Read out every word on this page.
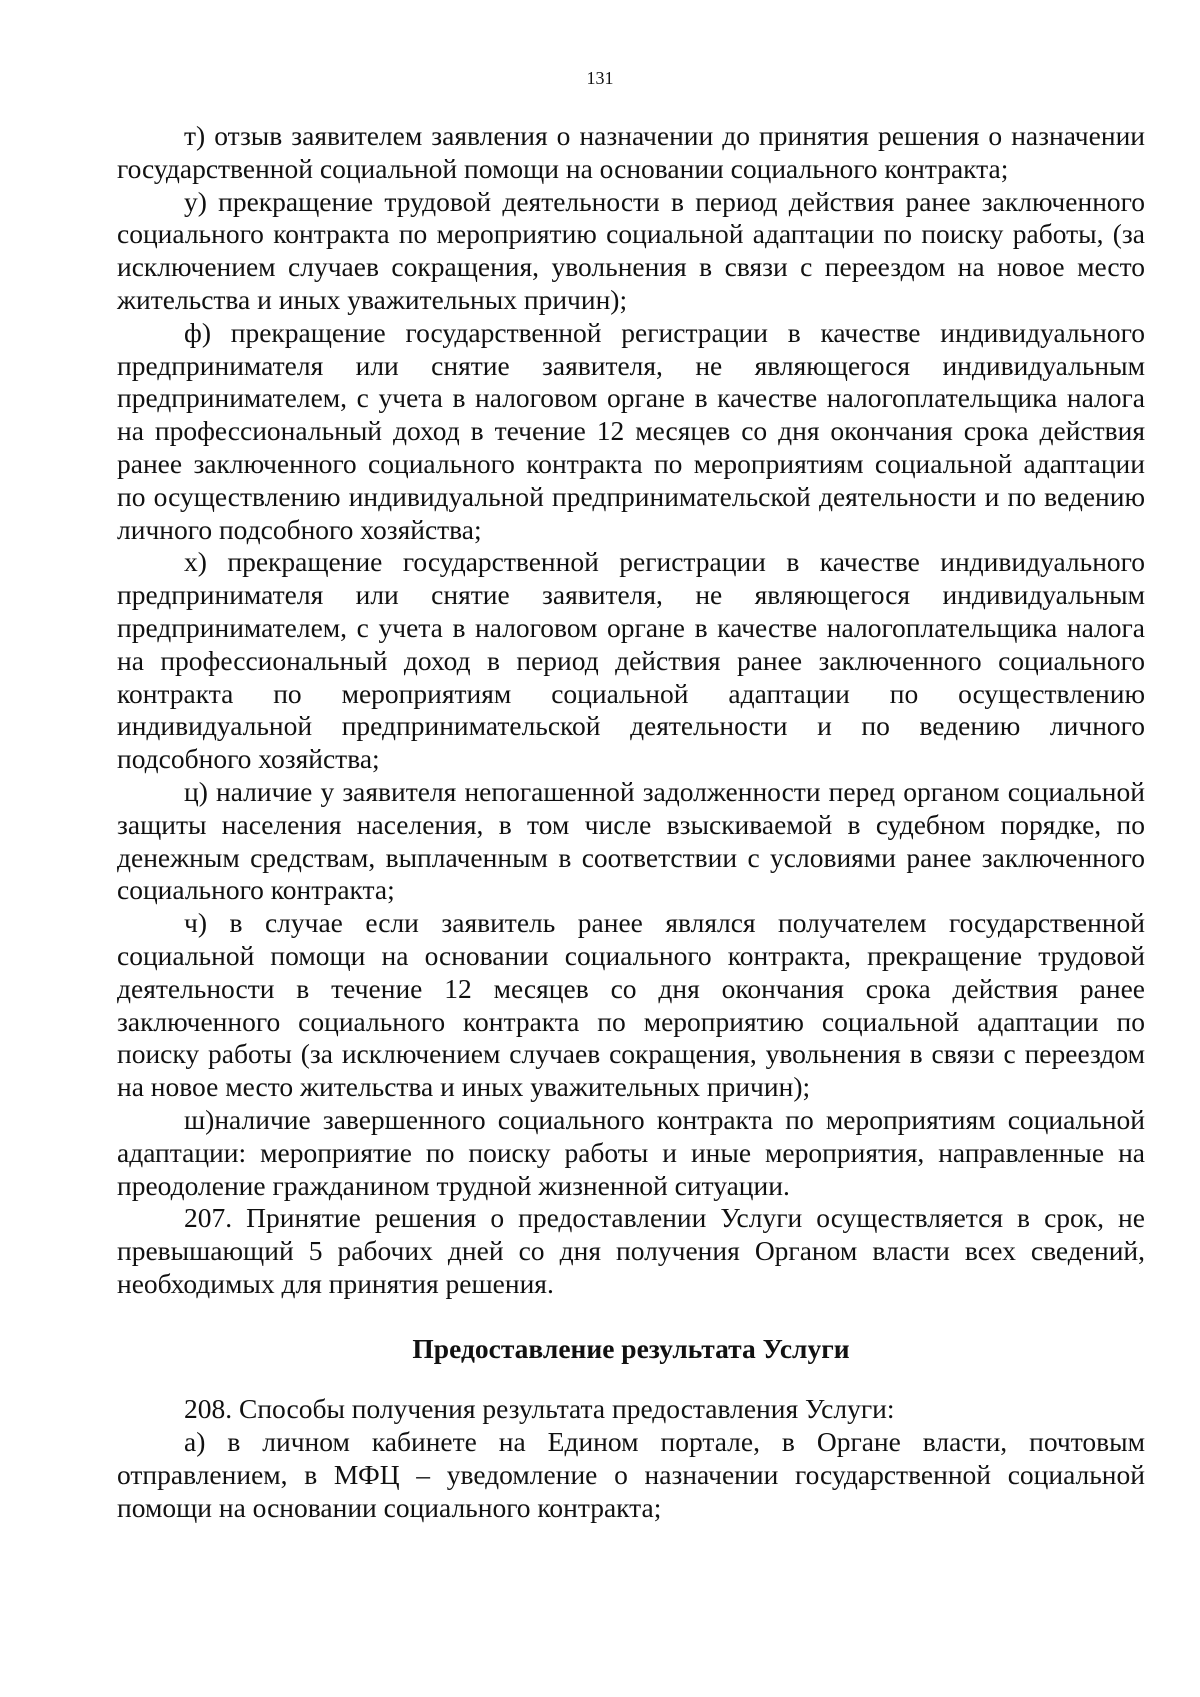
131

т) отзыв заявителем заявления о назначении до принятия решения о назначении государственной социальной помощи на основании социального контракта;

у) прекращение трудовой деятельности в период действия ранее заключенного социального контракта по мероприятию социальной адаптации по поиску работы, (за исключением случаев сокращения, увольнения в связи с переездом на новое место жительства и иных уважительных причин);

ф) прекращение государственной регистрации в качестве индивидуального предпринимателя или снятие заявителя, не являющегося индивидуальным предпринимателем, с учета в налоговом органе в качестве налогоплательщика налога на профессиональный доход в течение 12 месяцев со дня окончания срока действия ранее заключенного социального контракта по мероприятиям социальной адаптации по осуществлению индивидуальной предпринимательской деятельности и по ведению личного подсобного хозяйства;

х) прекращение государственной регистрации в качестве индивидуального предпринимателя или снятие заявителя, не являющегося индивидуальным предпринимателем, с учета в налоговом органе в качестве налогоплательщика налога на профессиональный доход в период действия ранее заключенного социального контракта по мероприятиям социальной адаптации по осуществлению индивидуальной предпринимательской деятельности и по ведению личного подсобного хозяйства;

ц) наличие у заявителя непогашенной задолженности перед органом социальной защиты населения населения, в том числе взыскиваемой в судебном порядке, по денежным средствам, выплаченным в соответствии с условиями ранее заключенного социального контракта;

ч) в случае если заявитель ранее являлся получателем государственной социальной помощи на основании социального контракта, прекращение трудовой деятельности в течение 12 месяцев со дня окончания срока действия ранее заключенного социального контракта по мероприятию социальной адаптации по поиску работы (за исключением случаев сокращения, увольнения в связи с переездом на новое место жительства и иных уважительных причин);

ш)наличие завершенного социального контракта по мероприятиям социальной адаптации: мероприятие по поиску работы и иные мероприятия, направленные на преодоление гражданином трудной жизненной ситуации.

207. Принятие решения о предоставлении Услуги осуществляется в срок, не превышающий 5 рабочих дней со дня получения Органом власти всех сведений, необходимых для принятия решения.

Предоставление результата Услуги

208. Способы получения результата предоставления Услуги:

а) в личном кабинете на Едином портале, в Органе власти, почтовым отправлением, в МФЦ – уведомление о назначении государственной социальной помощи на основании социального контракта;
